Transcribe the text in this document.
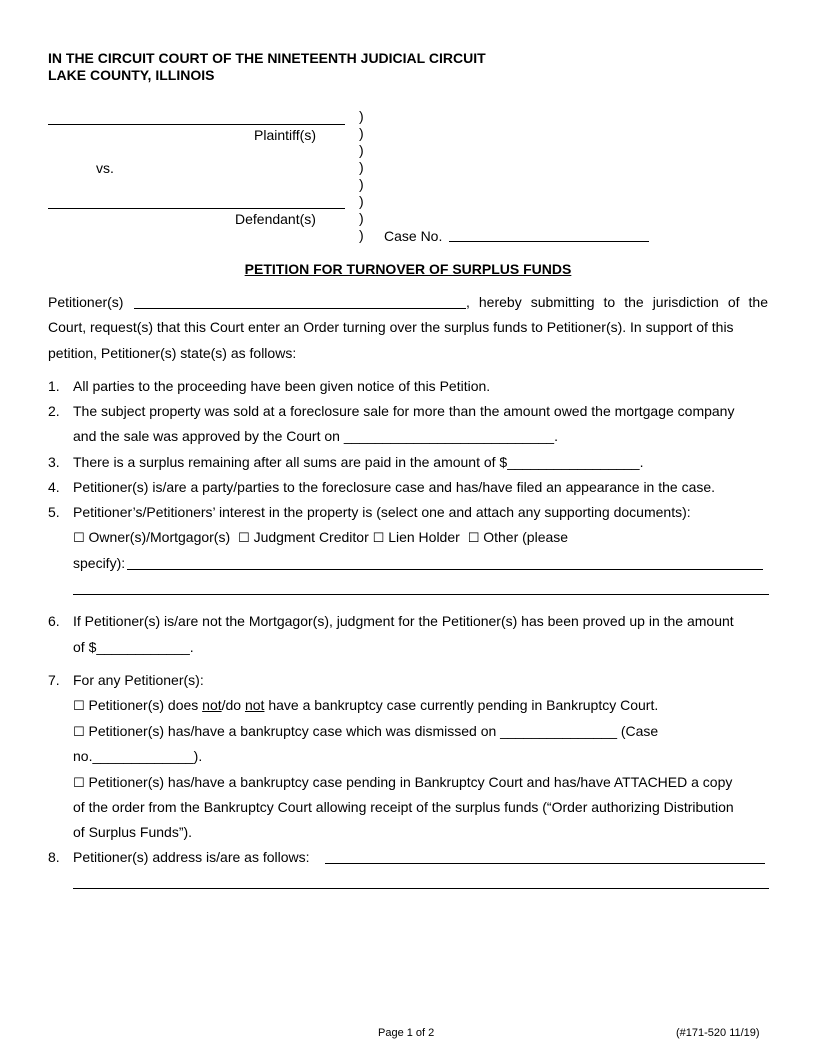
IN THE CIRCUIT COURT OF THE NINETEENTH JUDICIAL CIRCUIT
LAKE COUNTY, ILLINOIS
Plaintiff(s)
vs.
Defendant(s)
)
)
)
)
)
)
)
) Case No.
PETITION FOR TURNOVER OF SURPLUS FUNDS
Petitioner(s)	, hereby submitting to the jurisdiction of the
Court, request(s) that this Court enter an Order turning over the surplus funds to Petitioner(s). In support of this
petition, Petitioner(s) state(s) as follows:
1. All parties to the proceeding have been given notice of this Petition.
2. The subject property was sold at a foreclosure sale for more than the amount owed the mortgage company
and the sale was approved by the Court on ___________________________.
3. There is a surplus remaining after all sums are paid in the amount of $_________________.
4. Petitioner(s) is/are a party/parties to the foreclosure case and has/have filed an appearance in the case.
5. Petitioner’s/Petitioners’ interest in the property is (select one and attach any supporting documents):
☐ Owner(s)/Mortgagor(s) ☐ Judgment Creditor ☐ Lien Holder ☐ Other (please
specify):
6. If Petitioner(s) is/are not the Mortgagor(s), judgment for the Petitioner(s) has been proved up in the amount
of $____________.
7. For any Petitioner(s):
☐ Petitioner(s) does not/do not have a bankruptcy case currently pending in Bankruptcy Court.
☐ Petitioner(s) has/have a bankruptcy case which was dismissed on _______________ (Case
no._____________).
☐ Petitioner(s) has/have a bankruptcy case pending in Bankruptcy Court and has/have ATTACHED a copy
of the order from the Bankruptcy Court allowing receipt of the surplus funds (“Order authorizing Distribution
of Surplus Funds”).
8. Petitioner(s) address is/are as follows:
Page 1 of 2	(#171-520 11/19)
